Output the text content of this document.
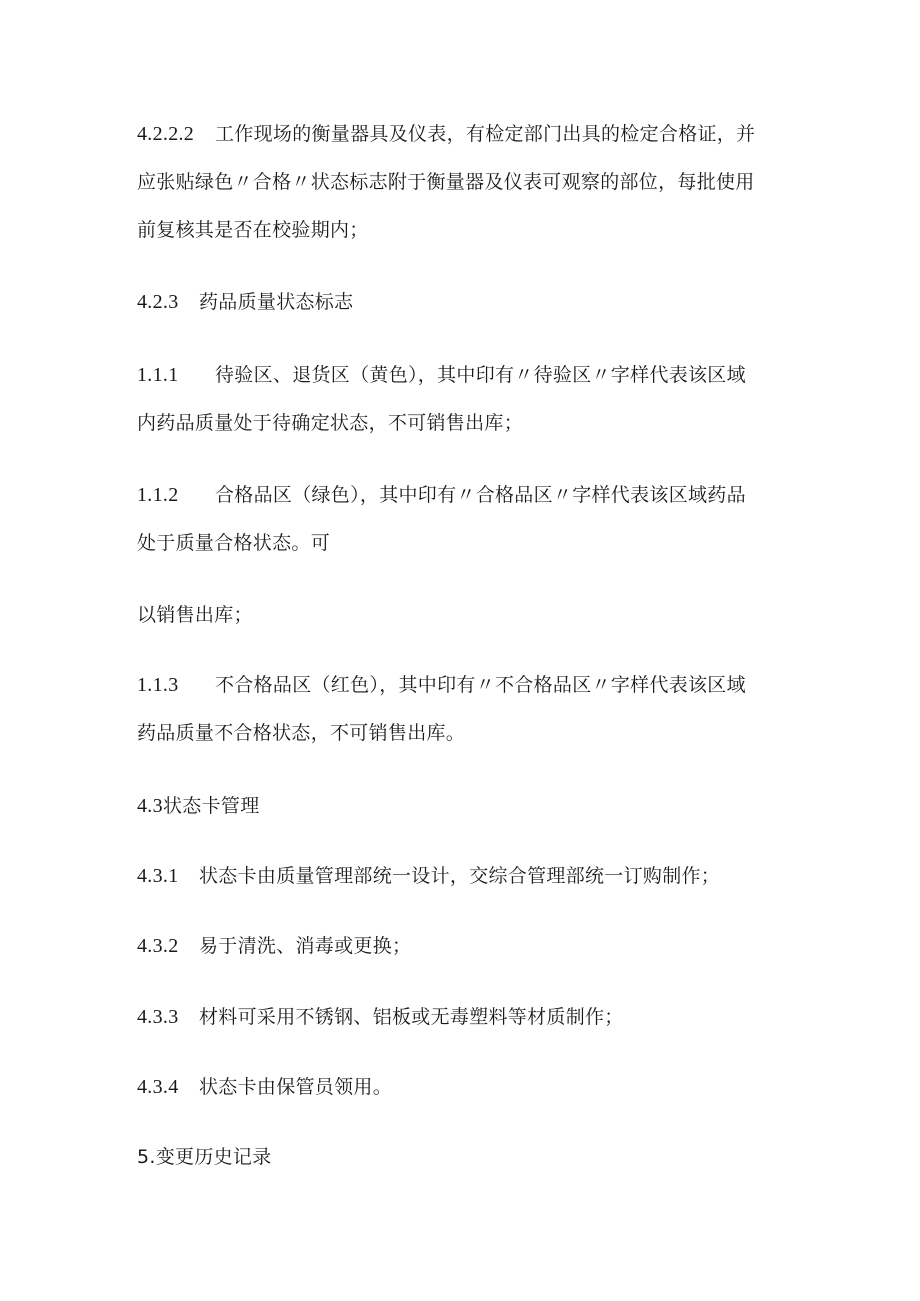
4.2.2.2 工作现场的衡量器具及仪表，有检定部门出具的检定合格证，并
应张贴绿色〃合格〃状态标志附于衡量器及仪表可观察的部位，每批使用
前复核其是否在校验期内；
4.2.3 药品质量状态标志
1.1.1 待验区、退货区（黄色），其中印有〃待验区〃字样代表该区域
内药品质量处于待确定状态，不可销售出库；
1.1.2 合格品区（绿色），其中印有〃合格品区〃字样代表该区域药品
处于质量合格状态。可
以销售出库；
1.1.3 不合格品区（红色），其中印有〃不合格品区〃字样代表该区域
药品质量不合格状态，不可销售出库。
4.3状态卡管理
4.3.1 状态卡由质量管理部统一设计，交综合管理部统一订购制作；
4.3.2 易于清洗、消毒或更换；
4.3.3 材料可采用不锈钢、铝板或无毒塑料等材质制作；
4.3.4 状态卡由保管员领用。
5.变更历史记录
